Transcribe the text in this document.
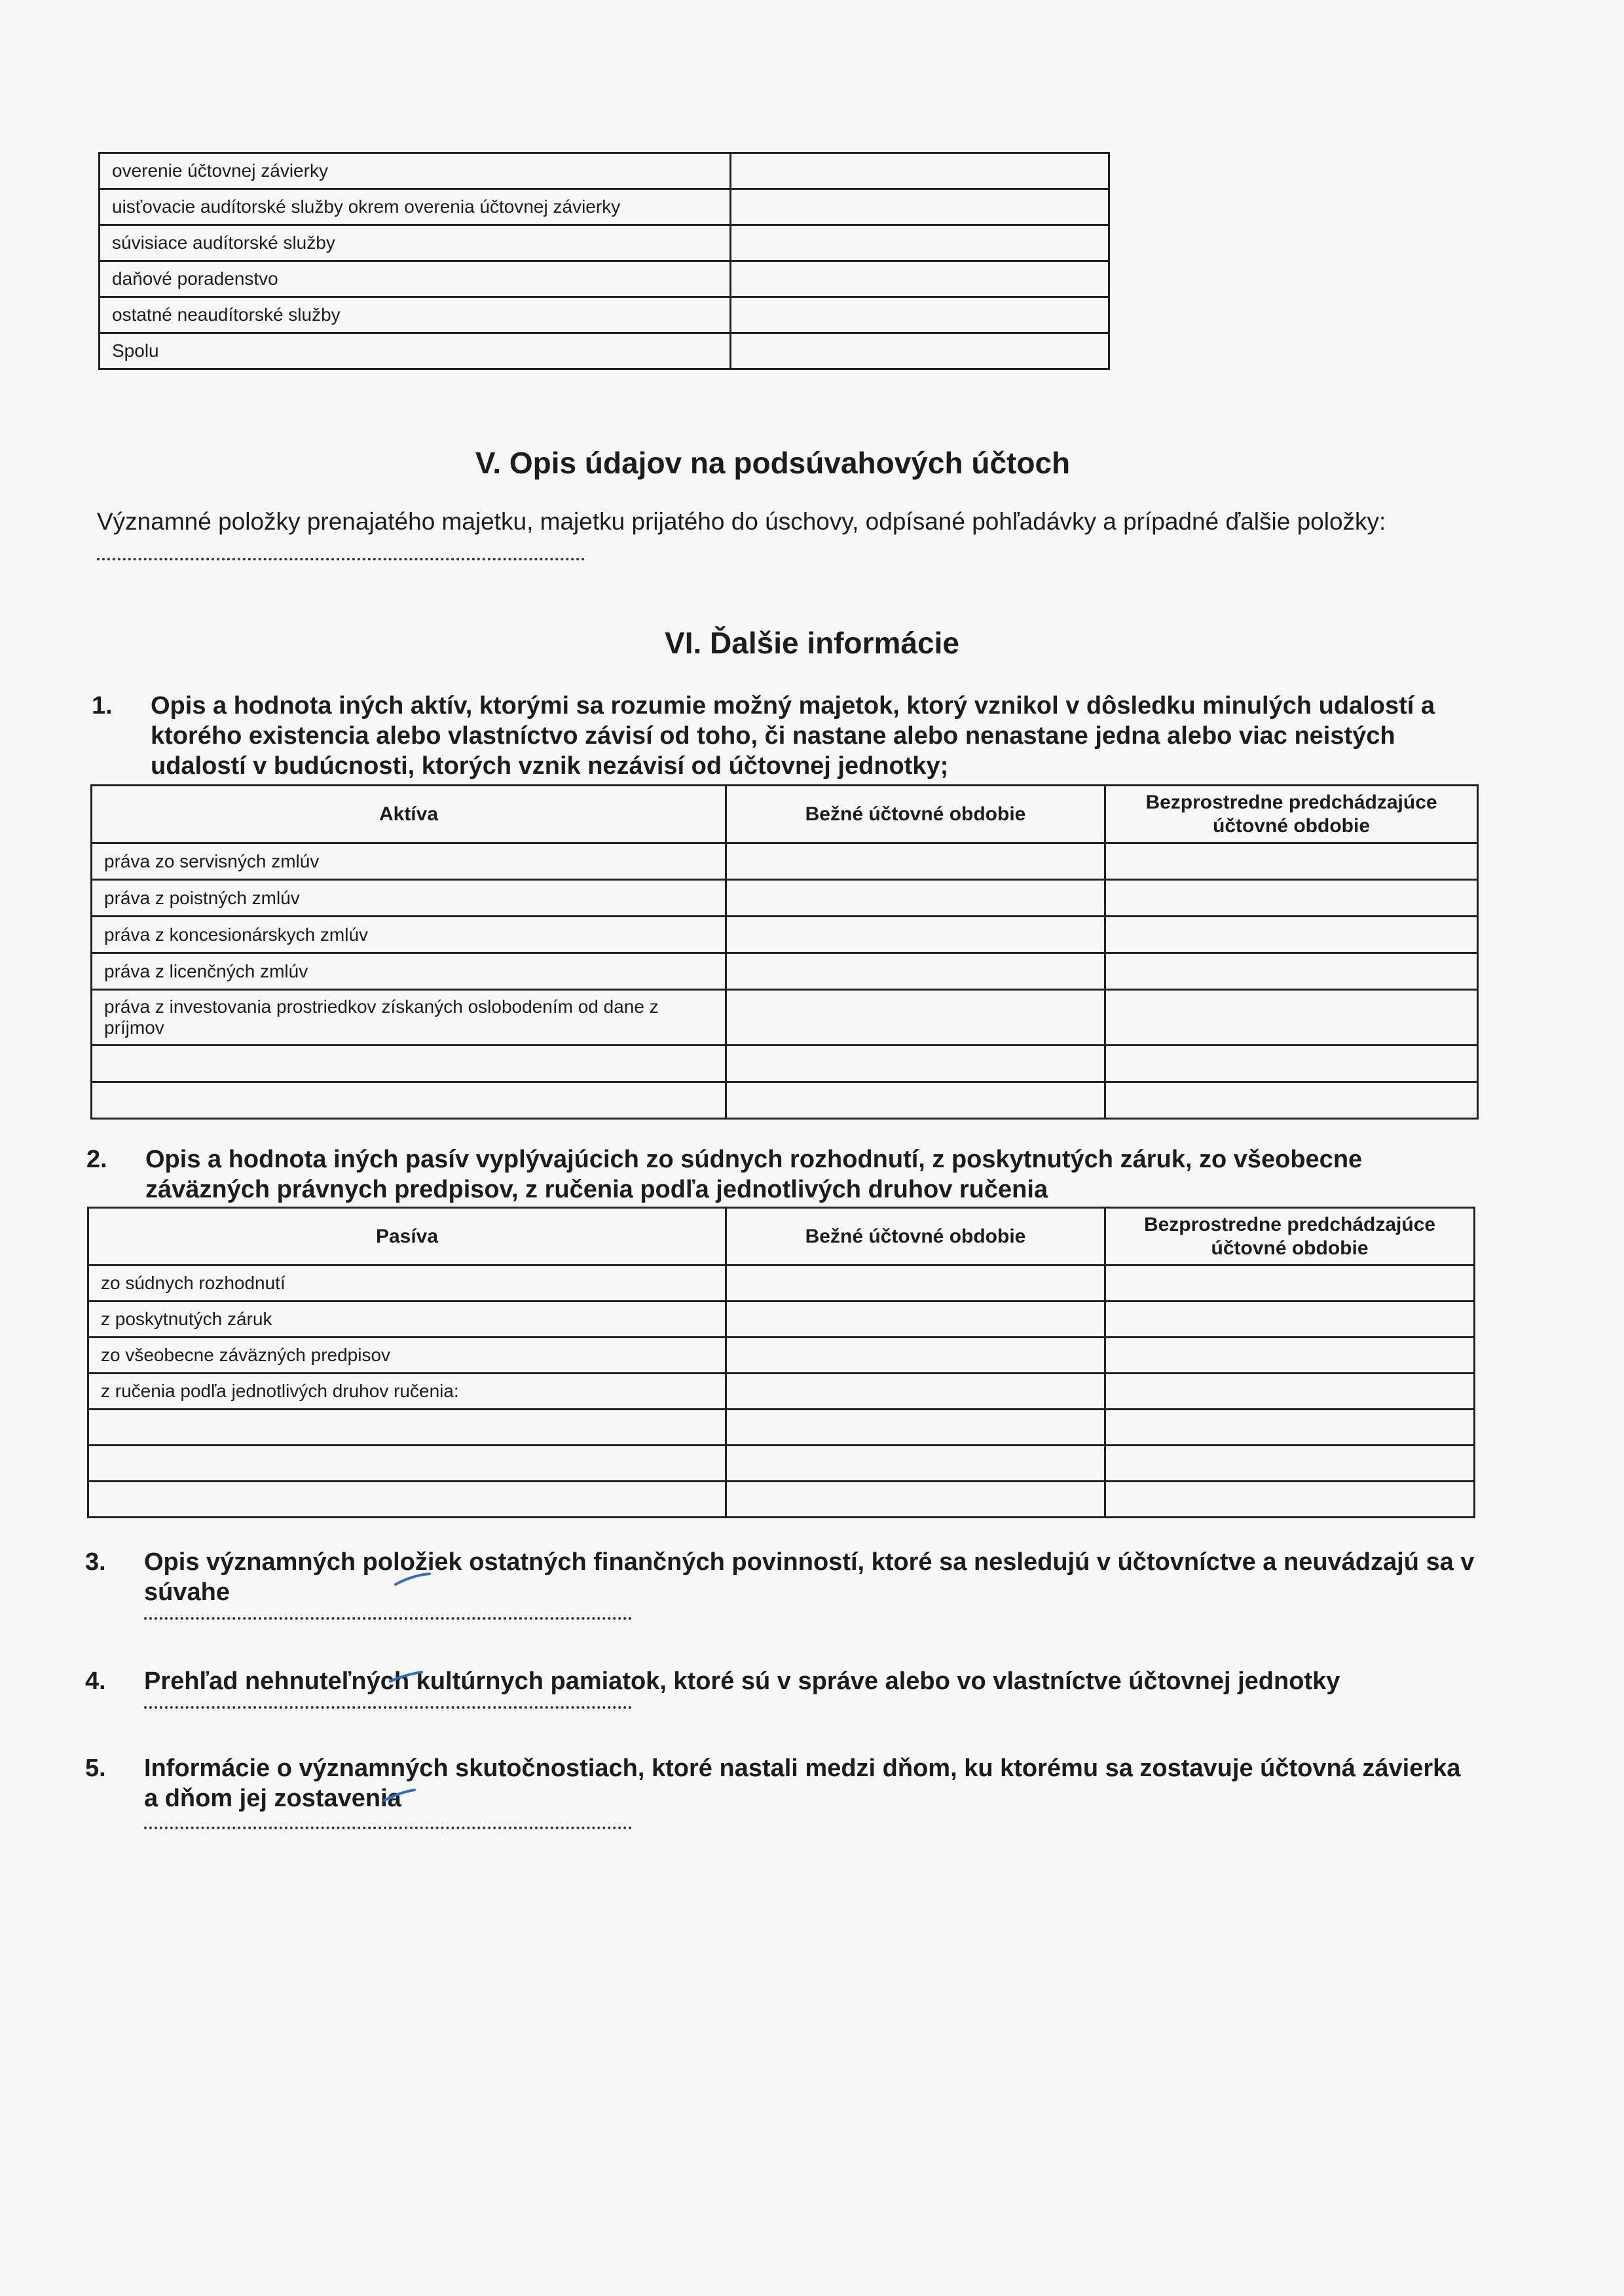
overenie účtovnej závierky	
uisťovacie audítorské služby okrem overenia účtovnej závierky	
súvisiace audítorské služby	
daňové poradenstvo	
ostatné neaudítorské služby	
Spolu	
V. Opis údajov na podsúvahových účtoch
Významné položky prenajatého majetku, majetku prijatého do úschovy, odpísané pohľadávky a prípadné ďalšie položky:
VI. Ďalšie informácie
1.	Opis a hodnota iných aktív, ktorými sa rozumie možný majetok, ktorý vznikol v dôsledku minulých udalostí a ktorého existencia alebo vlastníctvo závisí od toho, či nastane alebo nenastane jedna alebo viac neistých udalostí v budúcnosti, ktorých vznik nezávisí od účtovnej jednotky;
Aktíva	Bežné účtovné obdobie	Bezprostredne predchádzajúce účtovné obdobie
práva zo servisných zmlúv		
práva z poistných zmlúv		
práva z koncesionárskych zmlúv		
práva z licenčných zmlúv		
práva z investovania prostriedkov získaných oslobodením od dane z príjmov		

2.	Opis a hodnota iných pasív vyplývajúcich zo súdnych rozhodnutí, z poskytnutých záruk, zo všeobecne záväzných právnych predpisov, z ručenia podľa jednotlivých druhov ručenia
Pasíva	Bežné účtovné obdobie	Bezprostredne predchádzajúce účtovné obdobie
zo súdnych rozhodnutí		
z poskytnutých záruk		
zo všeobecne záväzných predpisov		
z ručenia podľa jednotlivých druhov ručenia:		

3.	Opis významných položiek ostatných finančných povinností, ktoré sa nesledujú v účtovníctve a neuvádzajú sa v súvahe
4.	Prehľad nehnuteľných kultúrnych pamiatok, ktoré sú v správe alebo vo vlastníctve účtovnej jednotky
5.	Informácie o významných skutočnostiach, ktoré nastali medzi dňom, ku ktorému sa zostavuje účtovná závierka a dňom jej zostavenia
